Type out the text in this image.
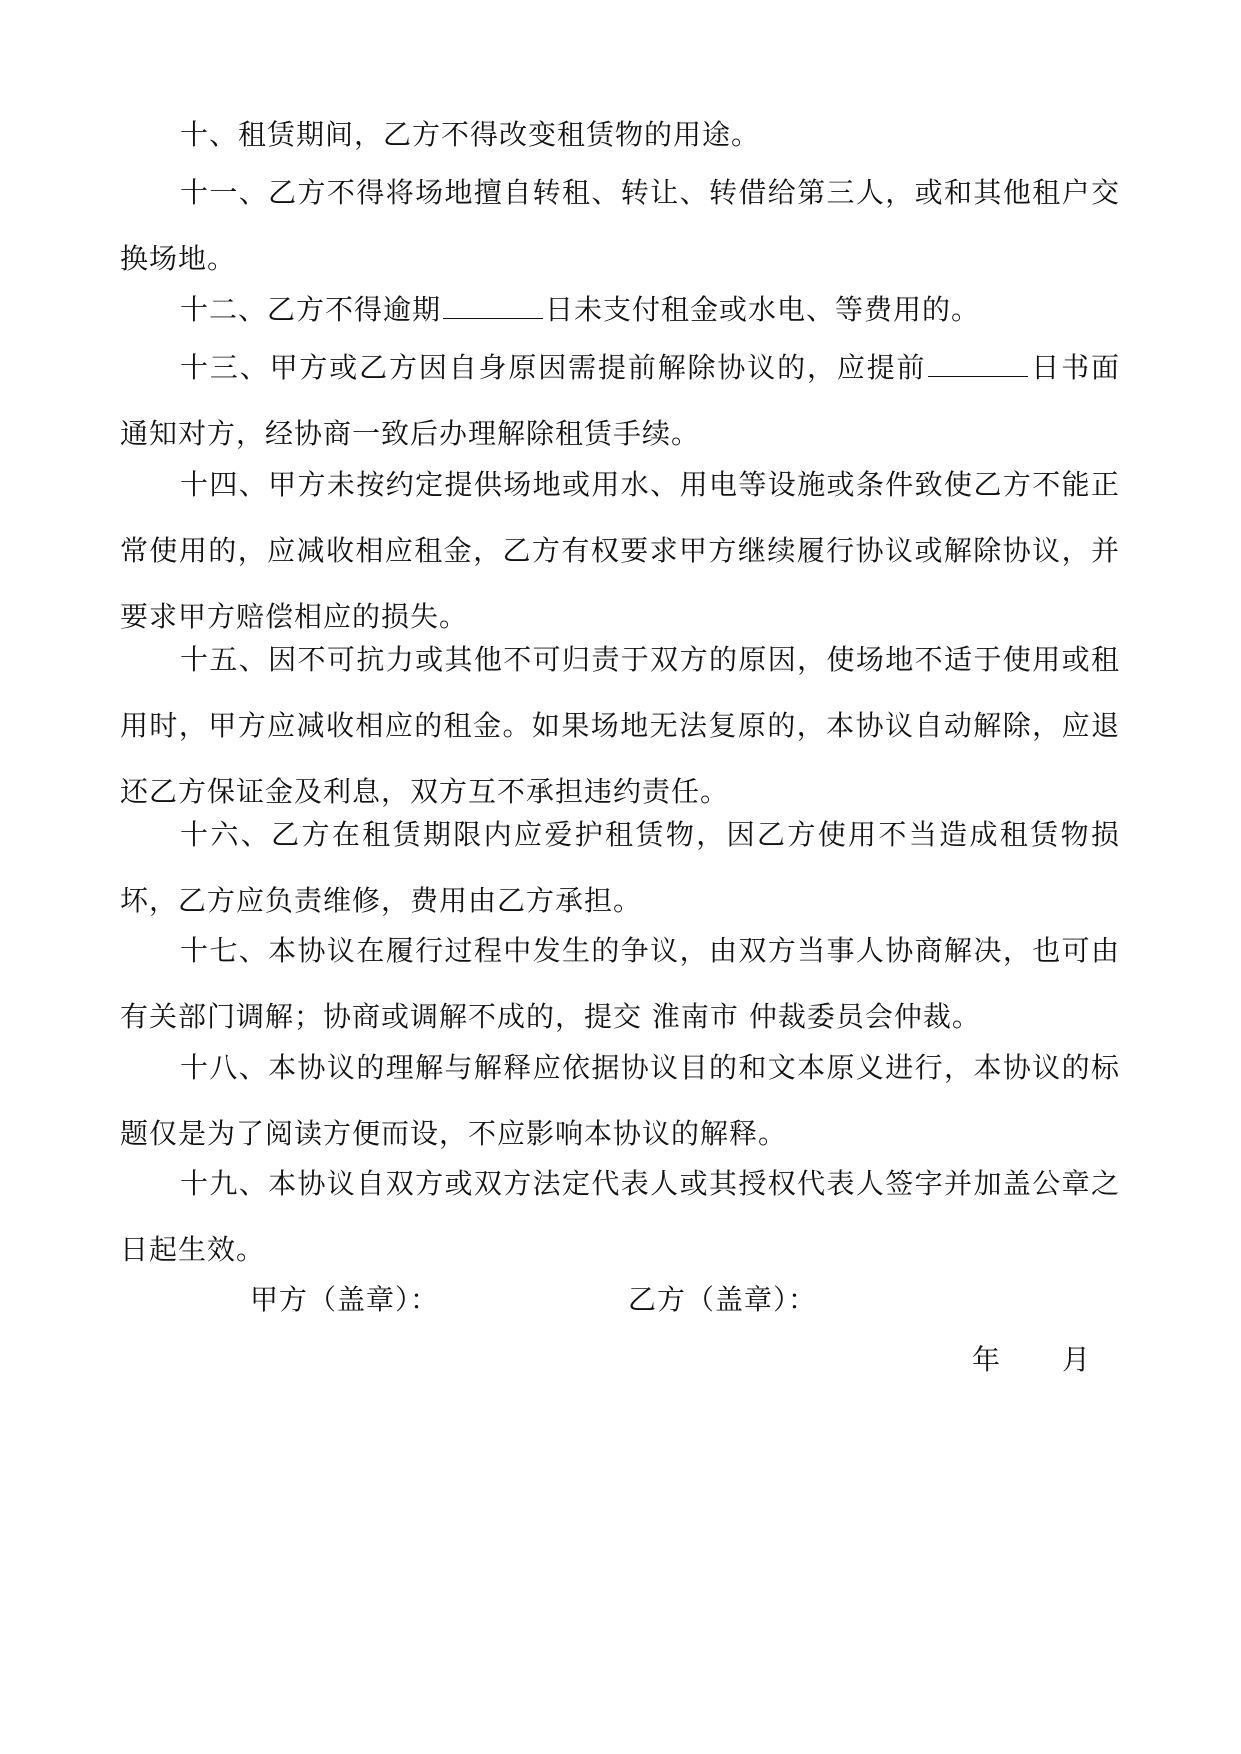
十、租赁期间，乙方不得改变租赁物的用途。

十一、乙方不得将场地擅自转租、转让、转借给第三人，或和其他租户交换场地。

十二、乙方不得逾期	日未支付租金或水电、等费用的。

十三、甲方或乙方因自身原因需提前解除协议的，应提前	日书面通知对方，经协商一致后办理解除租赁手续。

十四、甲方未按约定提供场地或用水、用电等设施或条件致使乙方不能正常使用的，应减收相应租金，乙方有权要求甲方继续履行协议或解除协议，并要求甲方赔偿相应的损失。

十五、因不可抗力或其他不可归责于双方的原因，使场地不适于使用或租用时，甲方应减收相应的租金。如果场地无法复原的，本协议自动解除，应退还乙方保证金及利息，双方互不承担违约责任。

十六、乙方在租赁期限内应爱护租赁物，因乙方使用不当造成租赁物损坏，乙方应负责维修，费用由乙方承担。

十七、本协议在履行过程中发生的争议，由双方当事人协商解决，也可由有关部门调解；协商或调解不成的，提交 淮南市 仲裁委员会仲裁。

十八、本协议的理解与解释应依据协议目的和文本原义进行，本协议的标题仅是为了阅读方便而设，不应影响本协议的解释。

十九、本协议自双方或双方法定代表人或其授权代表人签字并加盖公章之日起生效。

甲方（盖章）：	乙方（盖章）：
年 月
